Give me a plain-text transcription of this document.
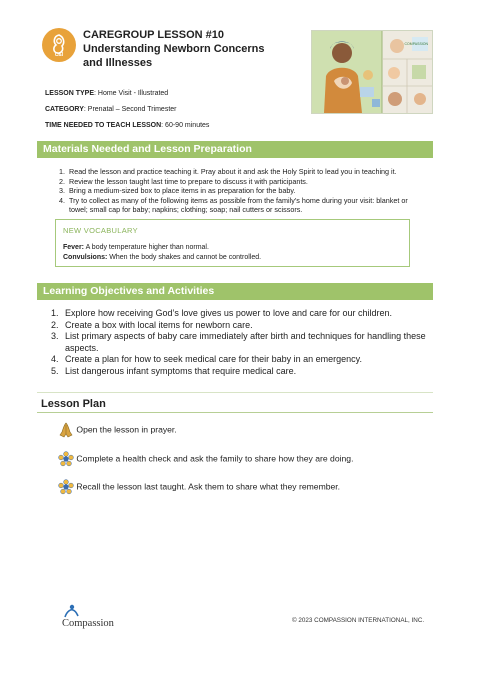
C&I
CAREGROUP LESSON #10
Understanding Newborn Concerns
and Illnesses
COMPASSION
LESSON TYPE: Home Visit - Illustrated
CATEGORY: Prenatal – Second Trimester
TIME NEEDED TO TEACH LESSON: 60-90 minutes
Materials Needed and Lesson Preparation
1. Read the lesson and practice teaching it. Pray about it and ask the Holy Spirit to lead you in teaching it.
2. Review the lesson taught last time to prepare to discuss it with participants.
3. Bring a medium-sized box to place items in as preparation for the baby.
4. Try to collect as many of the following items as possible from the family’s home during your visit: blanket or towel; small cap for baby; napkins; clothing; soap; nail cutters or scissors.
NEW VOCABULARY
Fever: A body temperature higher than normal.
Convulsions: When the body shakes and cannot be controlled.
Learning Objectives and Activities
1. Explore how receiving God’s love gives us power to love and care for our children.
2. Create a box with local items for newborn care.
3. List primary aspects of baby care immediately after birth and techniques for handling these aspects.
4. Create a plan for how to seek medical care for their baby in an emergency.
5. List dangerous infant symptoms that require medical care.
Lesson Plan
Open the lesson in prayer.
Complete a health check and ask the family to share how they are doing.
Recall the lesson last taught. Ask them to share what they remember.
Compassion	© 2023 COMPASSION INTERNATIONAL, INC.
